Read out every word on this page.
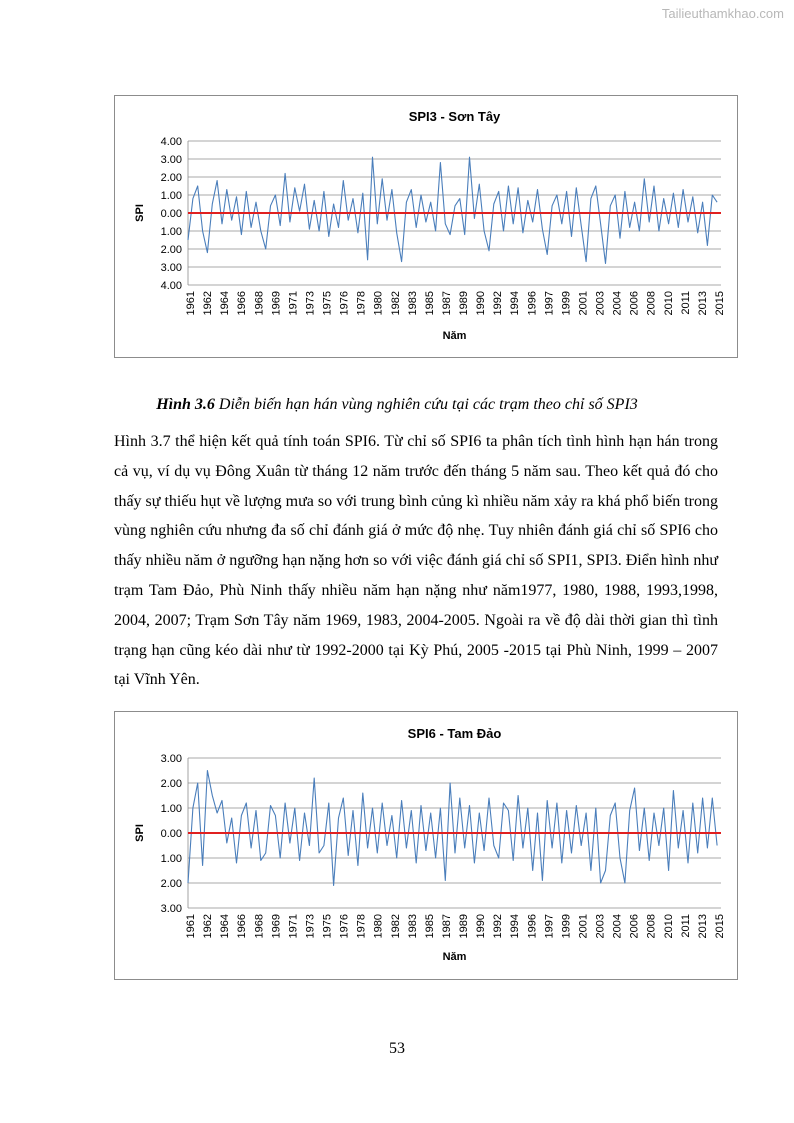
Tailieuthamkhao.com
SPI3 - Sơn Tây
4.00
3.00
2.00
1.00
0.00
1.00
2.00
3.00
4.00
SPI
1961 1962 1964 1966 1968 1969 1971 1973 1975 1976 1978 1980 1982 1983 1985 1987 1989 1990 1992 1994 1996 1997 1999 2001 2003 2004 2006 2008 2010 2011 2013 2015
Năm
Hình 3.6 Diễn biến hạn hán vùng nghiên cứu tại các trạm theo chỉ số SPI3
Hình 3.7 thể hiện kết quả tính toán SPI6. Từ chỉ số SPI6 ta phân tích tình hình hạn hán trong cả vụ, ví dụ vụ Đông Xuân từ tháng 12 năm trước đến tháng 5 năm sau. Theo kết quả đó cho thấy sự thiếu hụt về lượng mưa so với trung bình củng kì nhiều năm xảy ra khá phổ biến trong vùng nghiên cứu nhưng đa số chỉ đánh giá ở mức độ nhẹ. Tuy nhiên đánh giá chỉ số SPI6 cho thấy nhiều năm ở ngưỡng hạn nặng hơn so với việc đánh giá chỉ số SPI1, SPI3. Điển hình như trạm Tam Đảo, Phù Ninh thấy nhiều năm hạn nặng như năm1977, 1980, 1988, 1993,1998, 2004, 2007; Trạm Sơn Tây năm 1969, 1983, 2004-2005. Ngoài ra về độ dài thời gian thì tình trạng hạn cũng kéo dài như từ 1992-2000 tại Kỳ Phú, 2005 -2015 tại Phù Ninh, 1999 – 2007 tại Vĩnh Yên.
SPI6 - Tam Đảo
3.00
2.00
1.00
0.00
1.00
2.00
3.00
SPI
1961 1962 1964 1966 1968 1969 1971 1973 1975 1976 1978 1980 1982 1983 1985 1987 1989 1990 1992 1994 1996 1997 1999 2001 2003 2004 2006 2008 2010 2011 2013 2015
Năm
53
